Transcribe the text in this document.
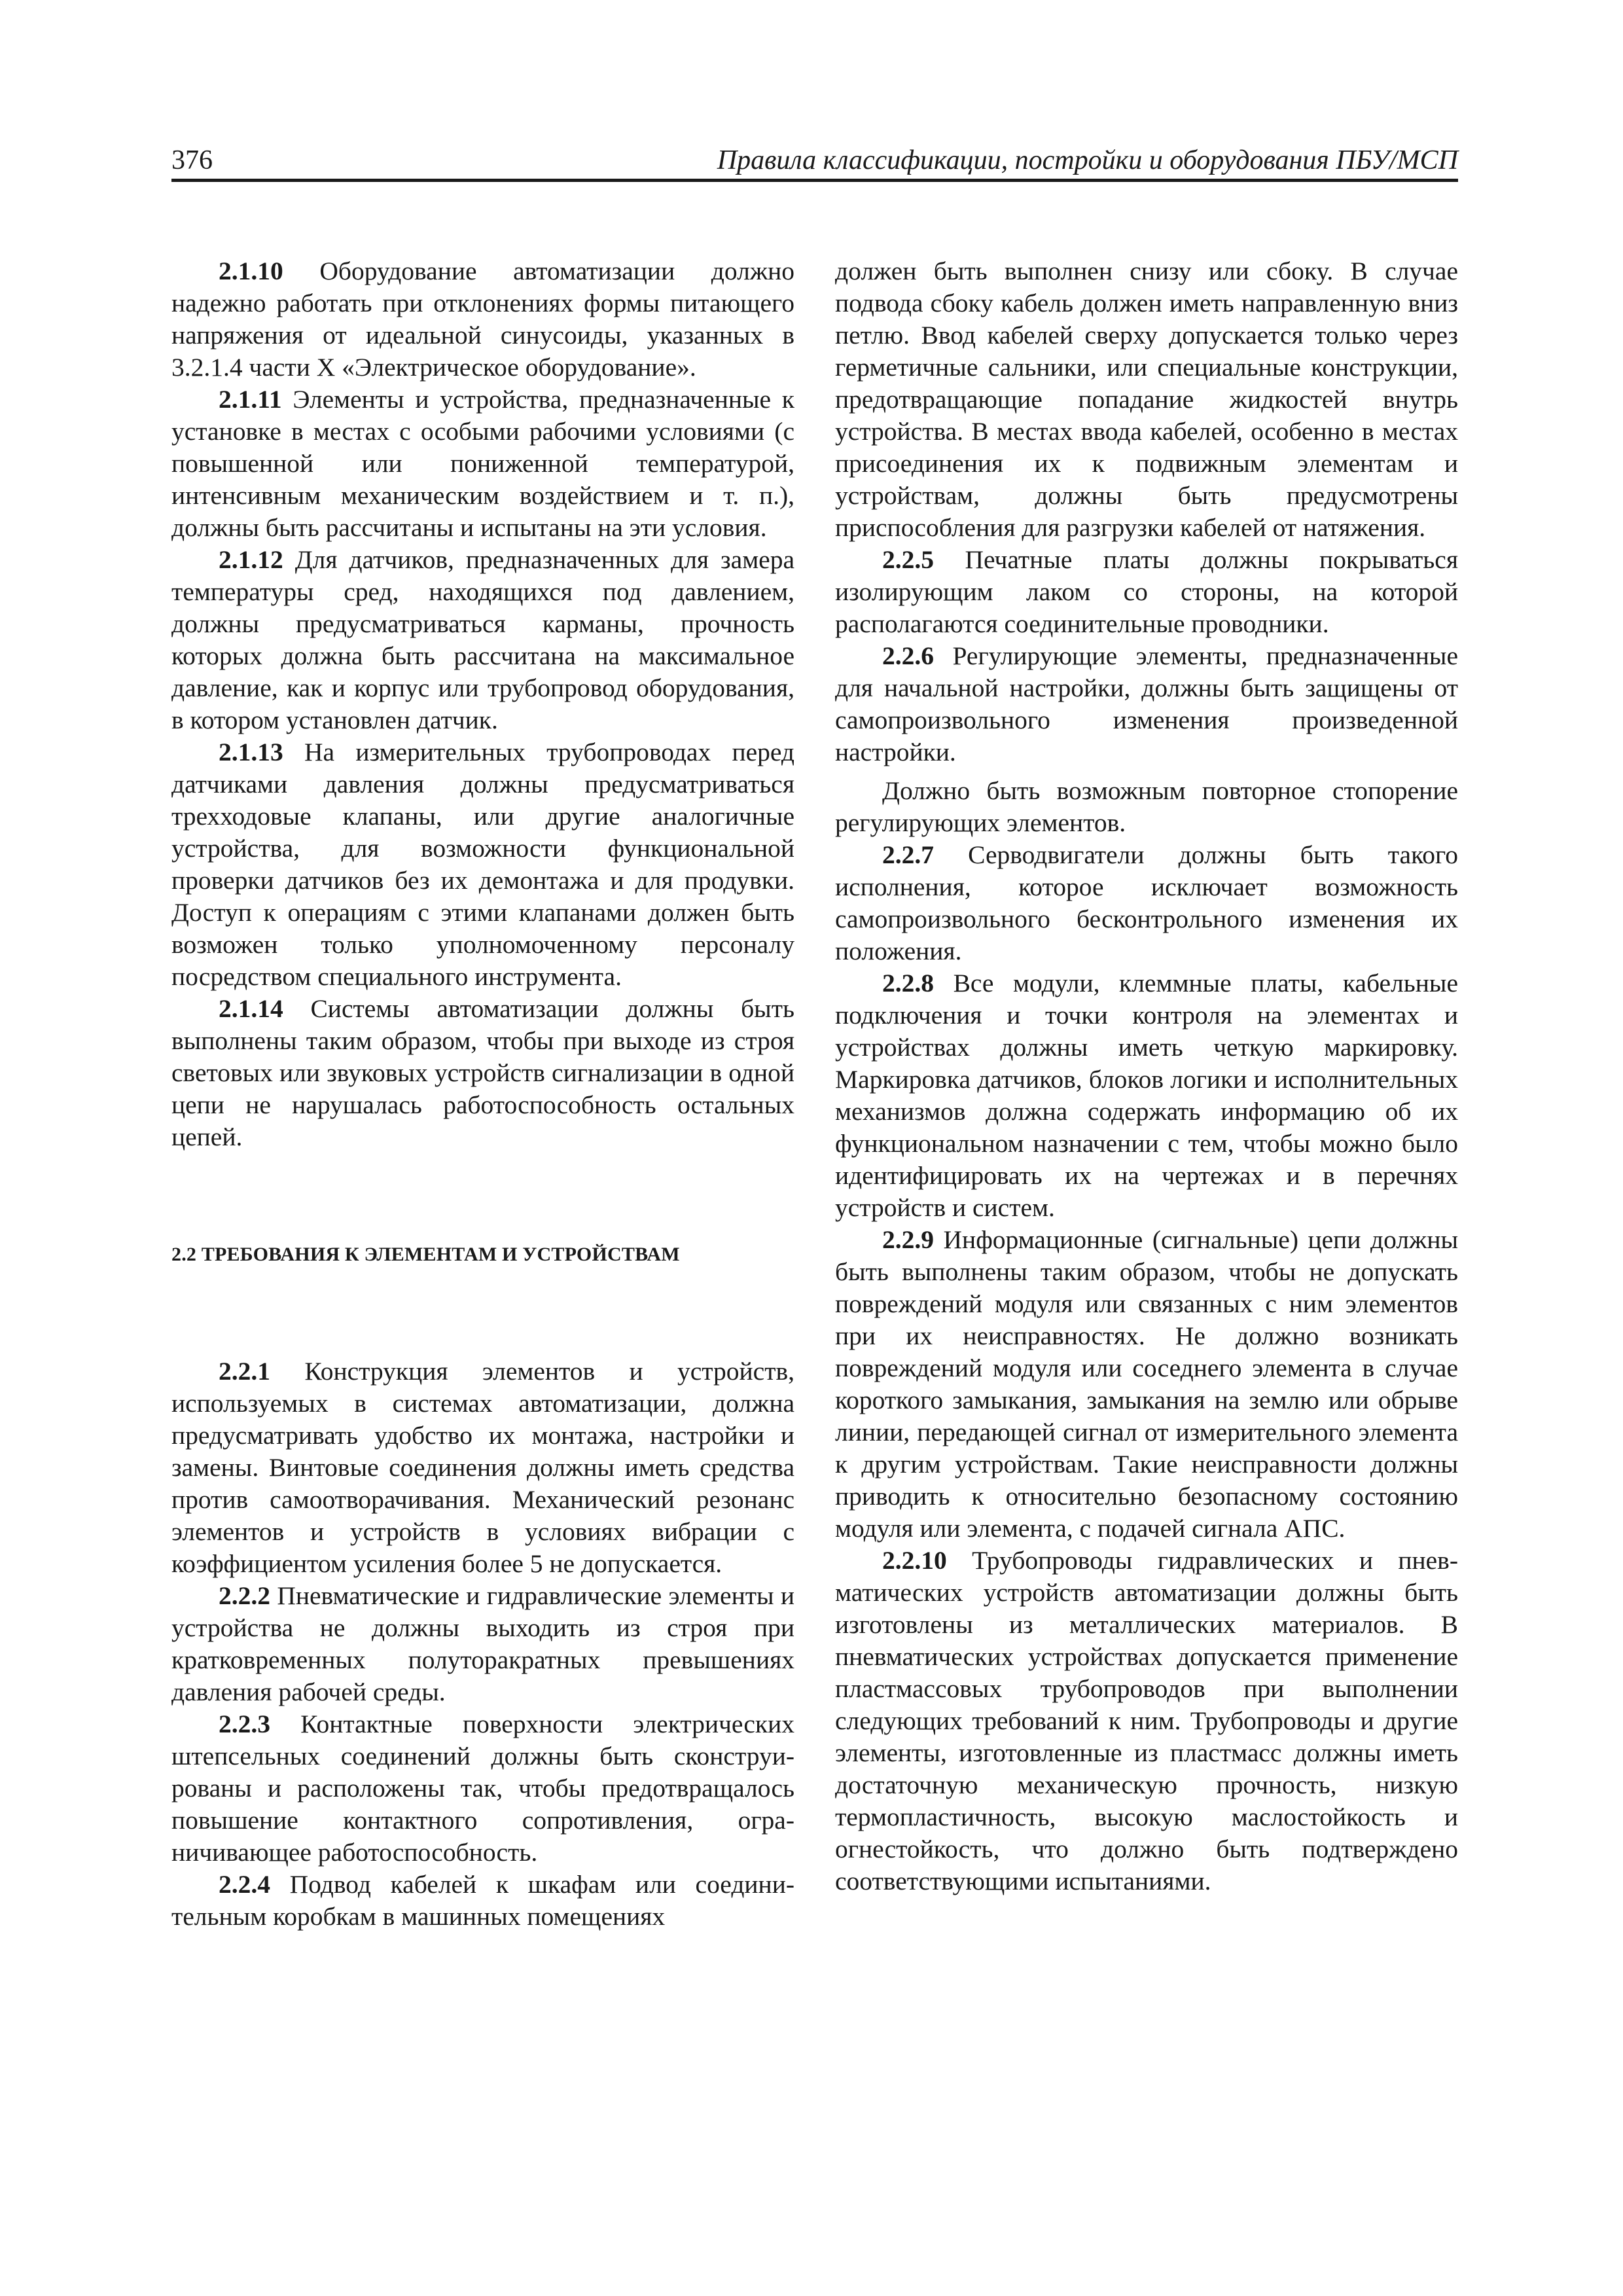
376	Правила классификации, постройки и оборудования ПБУ/МСП

2.1.10 Оборудование автоматизации должно надежно работать при отклонениях формы питающего напряжения от идеальной синусоиды, указанных в 3.2.1.4 части X «Электрическое оборудование».

2.1.11 Элементы и устройства, предназначенные к установке в местах с особыми рабочими условиями (с повышенной или пониженной температурой, интенсивным механическим воздействием и т. п.), должны быть рассчитаны и испытаны на эти условия.

2.1.12 Для датчиков, предназначенных для замера температуры сред, находящихся под давлением, должны предусматриваться карманы, прочность которых должна быть рассчитана на максимальное давление, как и корпус или трубопровод оборудования, в котором установлен датчик.

2.1.13 На измерительных трубопроводах перед датчиками давления должны предусматриваться трехходовые клапаны, или другие аналогичные устройства, для возможности функциональной проверки датчиков без их демонтажа и для продувки. Доступ к операциям с этими клапанами должен быть возможен только уполномоченному персоналу посредством специального инструмента.

2.1.14 Системы автоматизации должны быть выполнены таким образом, чтобы при выходе из строя световых или звуковых устройств сигнализации в одной цепи не нарушалась работоспособность остальных цепей.

2.2 ТРЕБОВАНИЯ К ЭЛЕМЕНТАМ И УСТРОЙСТВАМ

2.2.1 Конструкция элементов и устройств, используемых в системах автоматизации, должна предусматривать удобство их монтажа, настройки и замены. Винтовые соединения должны иметь средства против самоотворачивания. Механический резонанс элементов и устройств в условиях вибрации с коэффициентом усиления более 5 не допускается.

2.2.2 Пневматические и гидравлические элементы и устройства не должны выходить из строя при кратковременных полуторакратных превышениях давления рабочей среды.

2.2.3 Контактные поверхности электрических штепсельных соединений должны быть сконструированы и расположены так, чтобы предотвращалось повышение контактного сопротивления, ограничивающее работоспособность.

2.2.4 Подвод кабелей к шкафам или соединительным коробкам в машинных помещениях

должен быть выполнен снизу или сбоку. В случае подвода сбоку кабель должен иметь направленную вниз петлю. Ввод кабелей сверху допускается только через герметичные сальники, или специальные конструкции, предотвращающие попадание жидкостей внутрь устройства. В местах ввода кабелей, особенно в местах присоединения их к подвижным элементам и устройствам, должны быть предусмотрены приспособления для разгрузки кабелей от натяжения.

2.2.5 Печатные платы должны покрываться изолирующим лаком со стороны, на которой располагаются соединительные проводники.

2.2.6 Регулирующие элементы, предназначенные для начальной настройки, должны быть защищены от самопроизвольного изменения произведенной настройки.

Должно быть возможным повторное стопорение регулирующих элементов.

2.2.7 Серводвигатели должны быть такого исполнения, которое исключает возможность самопроизвольного бесконтрольного изменения их положения.

2.2.8 Все модули, клеммные платы, кабельные подключения и точки контроля на элементах и устройствах должны иметь четкую маркировку. Маркировка датчиков, блоков логики и исполнительных механизмов должна содержать информацию об их функциональном назначении с тем, чтобы можно было идентифицировать их на чертежах и в перечнях устройств и систем.

2.2.9 Информационные (сигнальные) цепи должны быть выполнены таким образом, чтобы не допускать повреждений модуля или связанных с ним элементов при их неисправностях. Не должно возникать повреждений модуля или соседнего элемента в случае короткого замыкания, замыкания на землю или обрыве линии, передающей сигнал от измерительного элемента к другим устройствам. Такие неисправности должны приводить к относительно безопасному состоянию модуля или элемента, с подачей сигнала АПС.

2.2.10 Трубопроводы гидравлических и пневматических устройств автоматизации должны быть изготовлены из металлических материалов. В пневматических устройствах допускается применение пластмассовых трубопроводов при выполнении следующих требований к ним. Трубопроводы и другие элементы, изготовленные из пластмасс должны иметь достаточную механическую прочность, низкую термопластичность, высокую маслостойкость и огнестойкость, что должно быть подтверждено соответствующими испытаниями.
